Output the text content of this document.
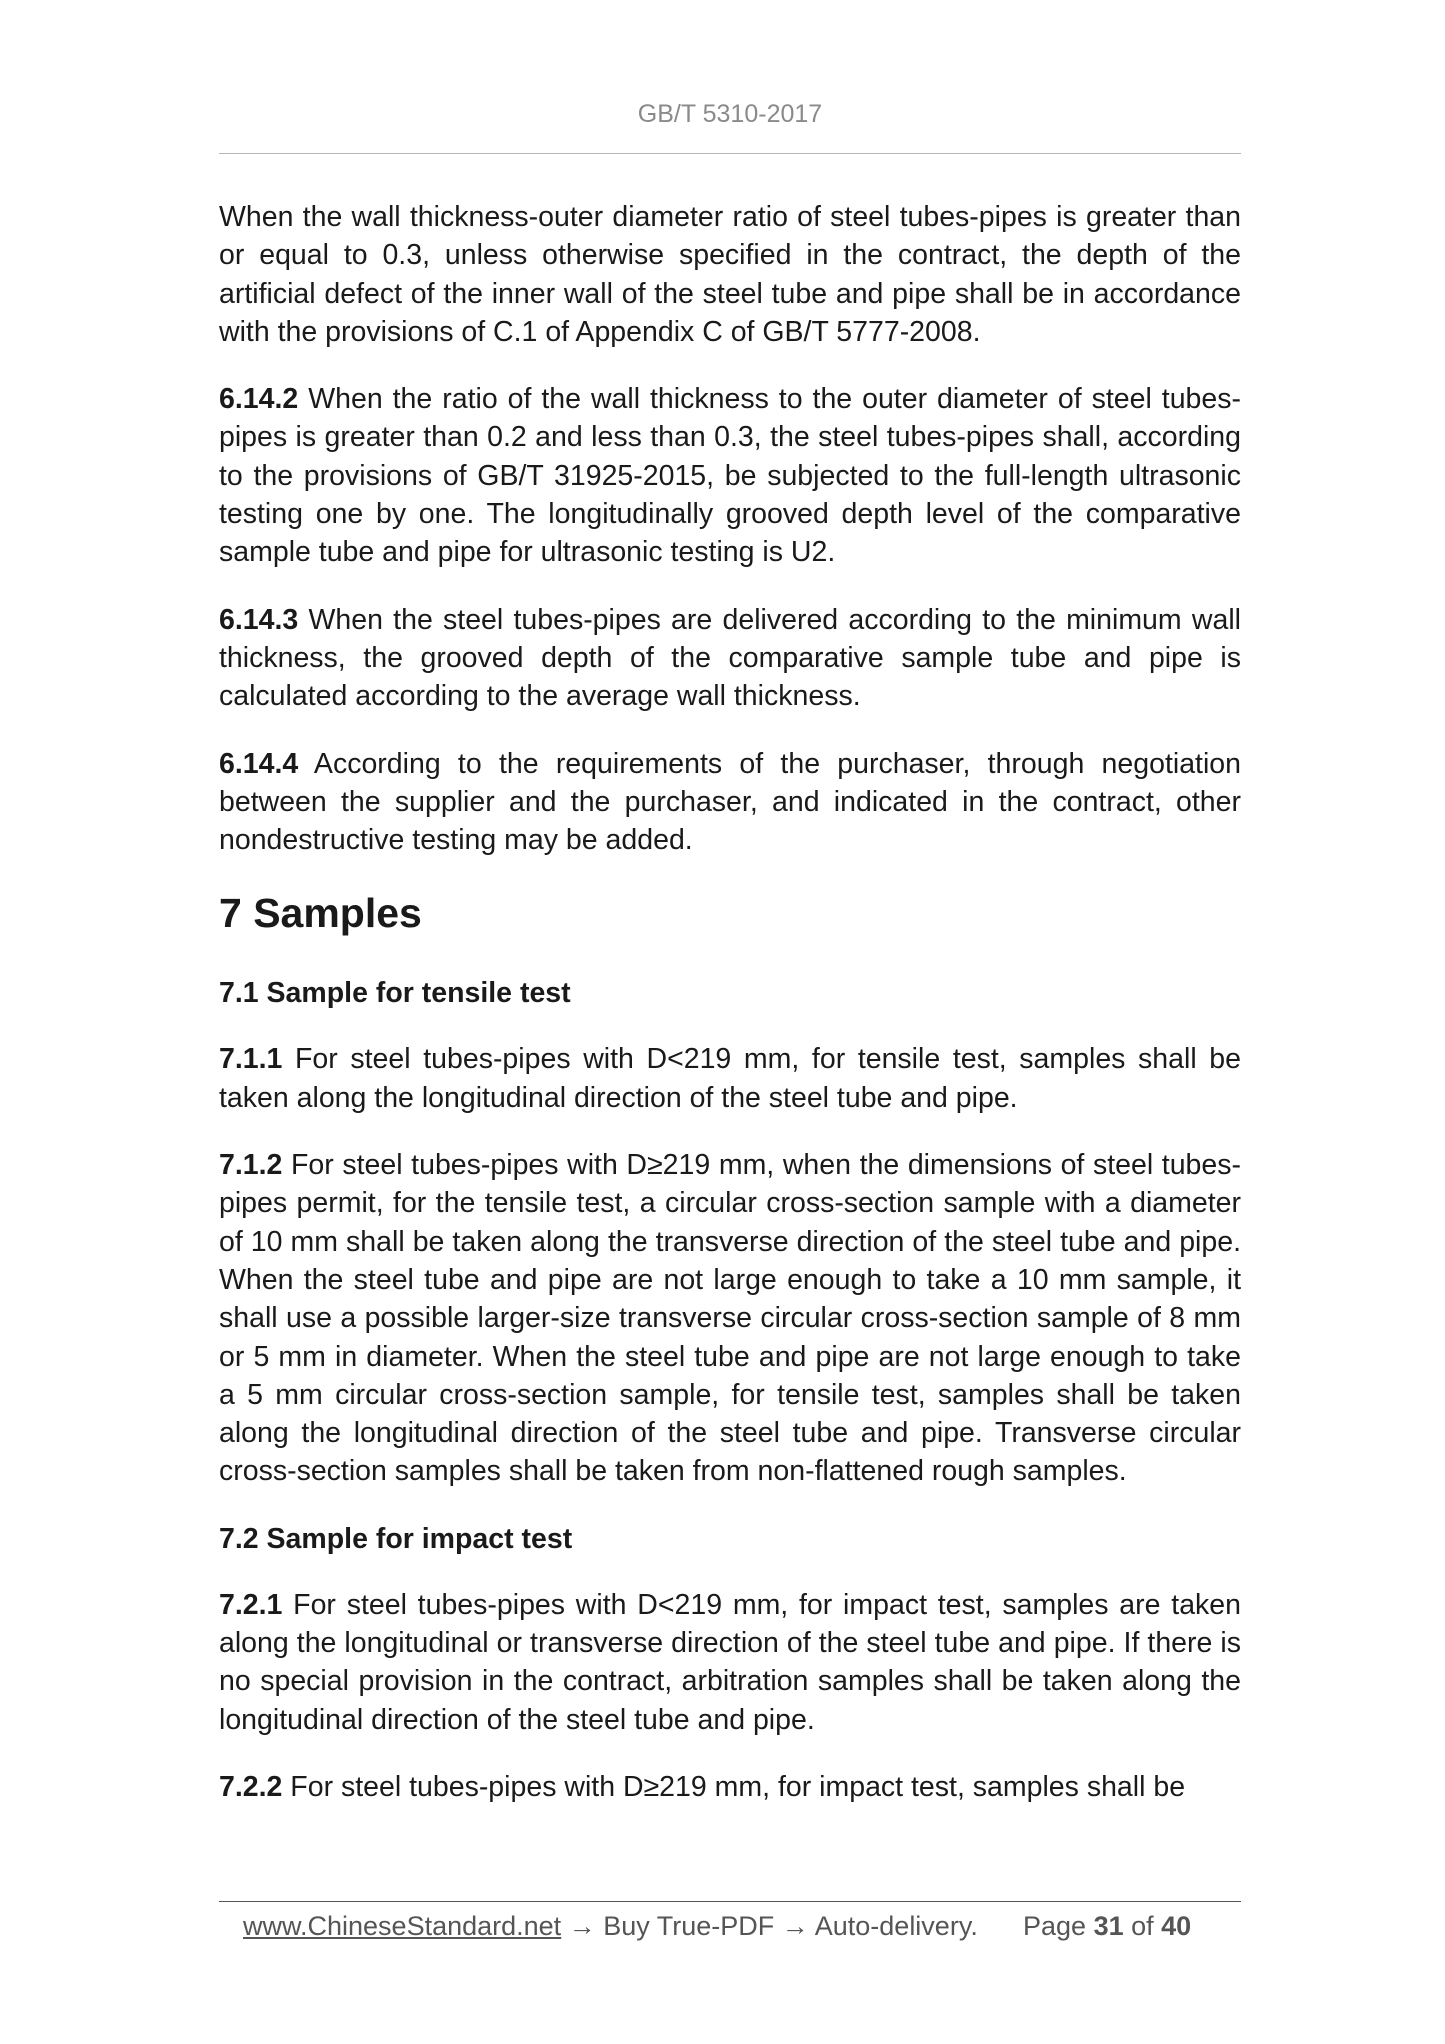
GB/T 5310-2017

When the wall thickness-outer diameter ratio of steel tubes-pipes is greater than or equal to 0.3, unless otherwise specified in the contract, the depth of the artificial defect of the inner wall of the steel tube and pipe shall be in accordance with the provisions of C.1 of Appendix C of GB/T 5777-2008.

6.14.2 When the ratio of the wall thickness to the outer diameter of steel tubes-pipes is greater than 0.2 and less than 0.3, the steel tubes-pipes shall, according to the provisions of GB/T 31925-2015, be subjected to the full-length ultrasonic testing one by one. The longitudinally grooved depth level of the comparative sample tube and pipe for ultrasonic testing is U2.

6.14.3 When the steel tubes-pipes are delivered according to the minimum wall thickness, the grooved depth of the comparative sample tube and pipe is calculated according to the average wall thickness.

6.14.4 According to the requirements of the purchaser, through negotiation between the supplier and the purchaser, and indicated in the contract, other nondestructive testing may be added.

7 Samples
7.1 Sample for tensile test

7.1.1 For steel tubes-pipes with D<219 mm, for tensile test, samples shall be taken along the longitudinal direction of the steel tube and pipe.

7.1.2 For steel tubes-pipes with D≥219 mm, when the dimensions of steel tubes-pipes permit, for the tensile test, a circular cross-section sample with a diameter of 10 mm shall be taken along the transverse direction of the steel tube and pipe. When the steel tube and pipe are not large enough to take a 10 mm sample, it shall use a possible larger-size transverse circular cross-section sample of 8 mm or 5 mm in diameter. When the steel tube and pipe are not large enough to take a 5 mm circular cross-section sample, for tensile test, samples shall be taken along the longitudinal direction of the steel tube and pipe. Transverse circular cross-section samples shall be taken from non-flattened rough samples.

7.2 Sample for impact test

7.2.1 For steel tubes-pipes with D<219 mm, for impact test, samples are taken along the longitudinal or transverse direction of the steel tube and pipe. If there is no special provision in the contract, arbitration samples shall be taken along the longitudinal direction of the steel tube and pipe.

7.2.2 For steel tubes-pipes with D≥219 mm, for impact test, samples shall be

www.ChineseStandard.net → Buy True-PDF → Auto-delivery. Page 31 of 40
